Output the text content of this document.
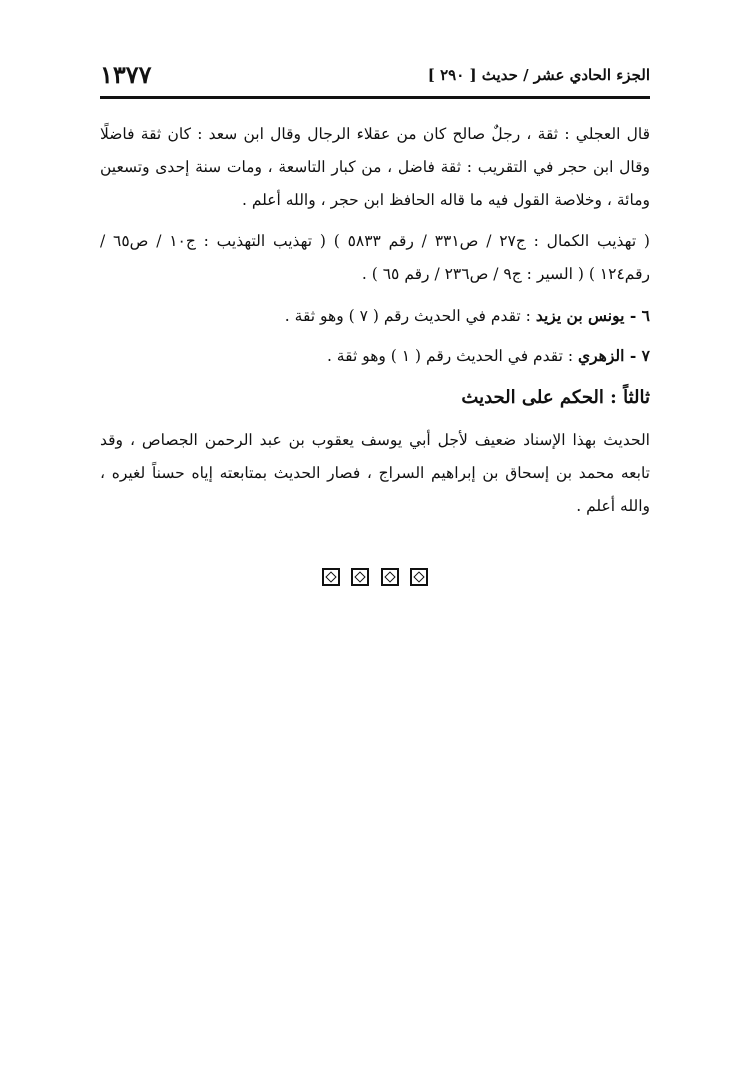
الجزء الحادي عشر / حديث [ ٢٩٠ ]
١٣٧٧

قال العجلي : ثقة ، رجلٌ صالح كان من عقلاء الرجال وقال ابن سعد : كان ثقة فاضلًا وقال ابن حجر في التقريب : ثقة فاضل ، من كبار التاسعة ، ومات سنة إحدى وتسعين ومائة ، وخلاصة القول فيه ما قاله الحافظ ابن حجر ، والله أعلم .

( تهذيب الكمال : ج٢٧ / ص٣٣١ / رقم ٥٨٣٣ ) ( تهذيب التهذيب : ج١٠ / ص٦٥ / رقم١٢٤ ) ( السير : ج٩ / ص٢٣٦ / رقم ٦٥ ) .

٦ - يونس بن يزيد : تقدم في الحديث رقم ( ٧ ) وهو ثقة .

٧ - الزهري : تقدم في الحديث رقم ( ١ ) وهو ثقة .

ثالثاً : الحكم على الحديث

الحديث بهذا الإسناد ضعيف لأجل أبي يوسف يعقوب بن عبد الرحمن الجصاص ، وقد تابعه محمد بن إسحاق بن إبراهيم السراج ، فصار الحديث بمتابعته إياه حسناً لغيره ، والله أعلم .
